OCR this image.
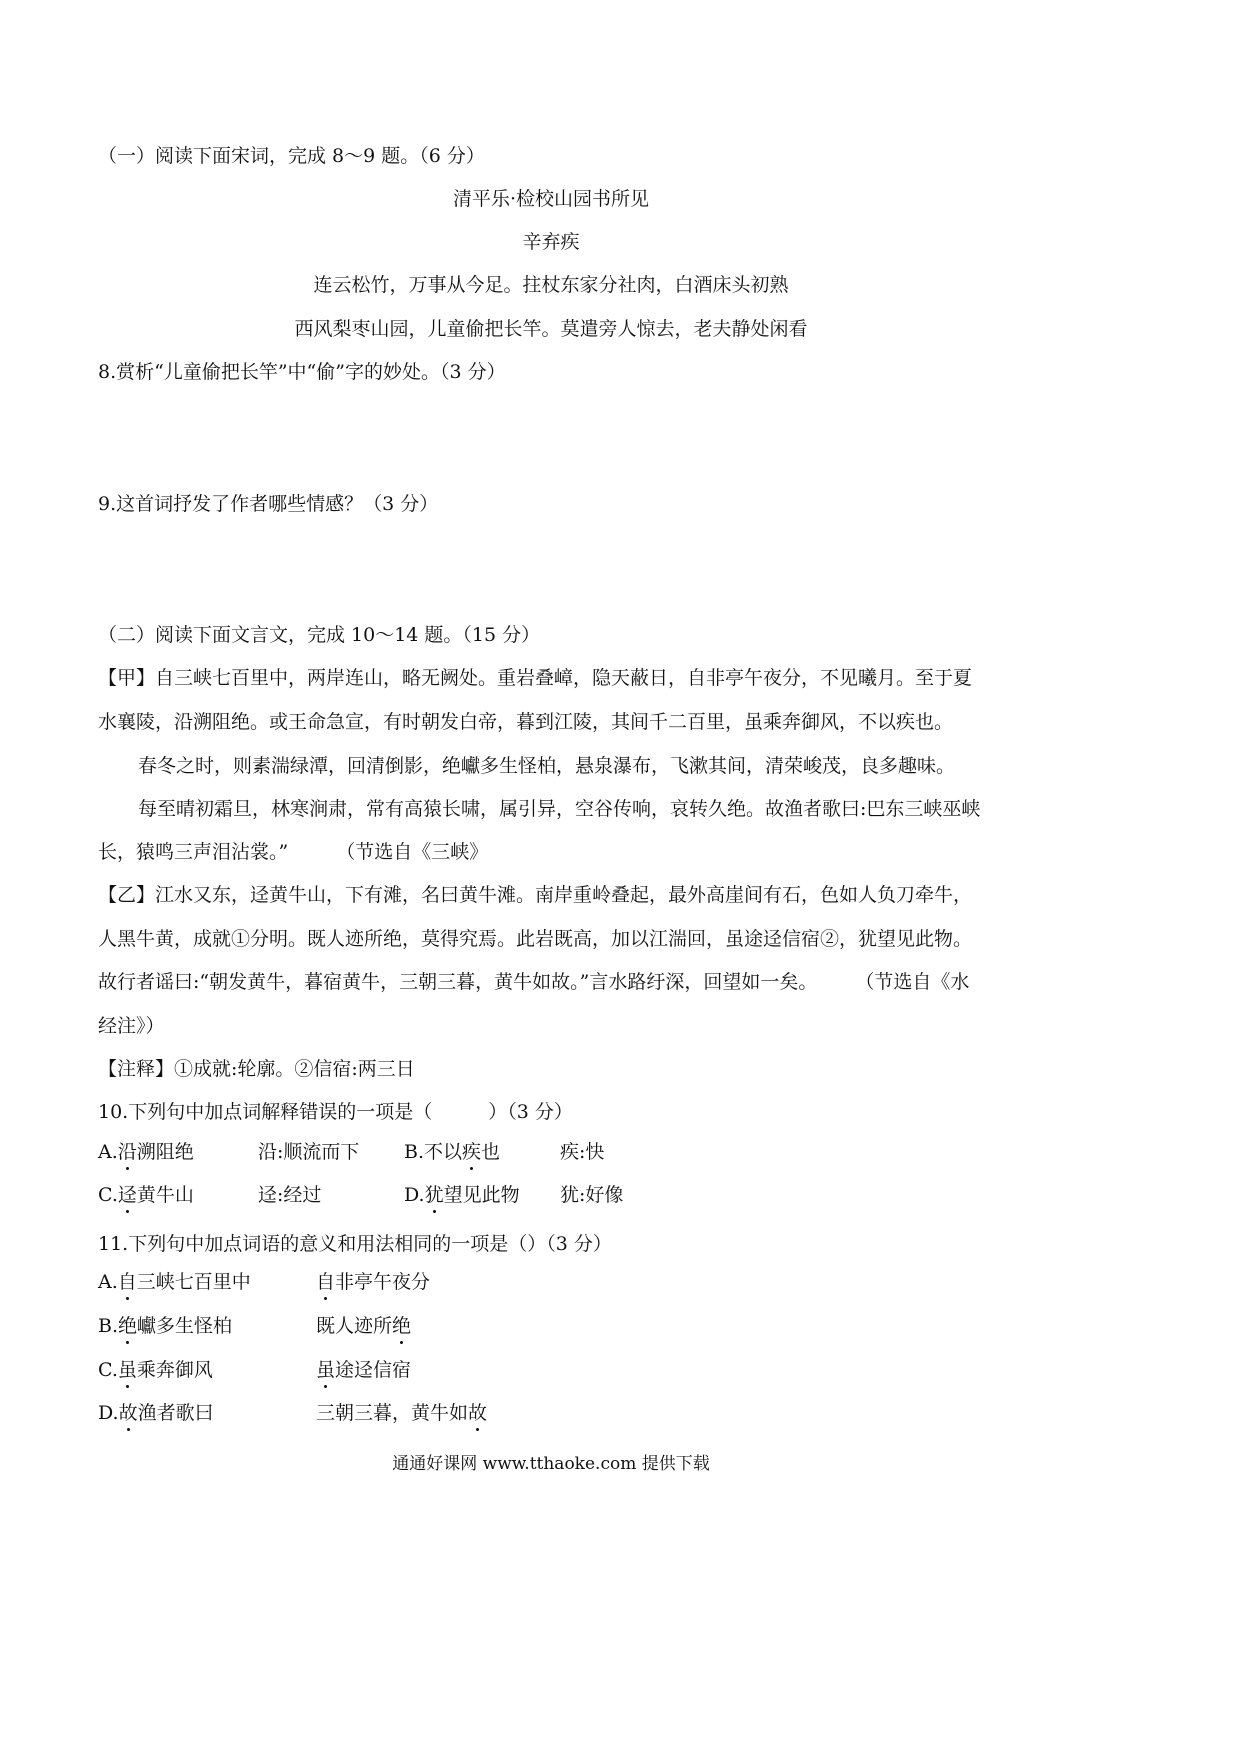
（一）阅读下面宋词，完成 8～9 题。（6 分）
清平乐·检校山园书所见
辛弃疾
连云松竹，万事从今足。拄杖东家分社肉，白酒床头初熟
西风梨枣山园，儿童偷把长竿。莫遣旁人惊去，老夫静处闲看
8.赏析“儿童偷把长竿”中“偷”字的妙处。（3 分）
9.这首词抒发了作者哪些情感？（3 分）
（二）阅读下面文言文，完成 10～14 题。（15 分）
【甲】自三峡七百里中，两岸连山，略无阙处。重岩叠嶂，隐天蔽日，自非亭午夜分，不见曦月。至于夏
水襄陵，沿溯阻绝。或王命急宣，有时朝发白帝，暮到江陵，其间千二百里，虽乘奔御风，不以疾也。
春冬之时，则素湍绿潭，回清倒影，绝巘多生怪柏，悬泉瀑布，飞漱其间，清荣峻茂，良多趣味。
每至晴初霜旦，林寒涧肃，常有高猿长啸，属引异，空谷传响，哀转久绝。故渔者歌曰:巴东三峡巫峡
长，猿鸣三声泪沾裳。”	（节选自《三峡》
【乙】江水又东，迳黄牛山，下有滩，名曰黄牛滩。南岸重岭叠起，最外高崖间有石，色如人负刀牵牛，
人黑牛黄，成就①分明。既人迹所绝，莫得究焉。此岩既高，加以江湍回，虽途迳信宿②，犹望见此物。
故行者谣曰:“朝发黄牛，暮宿黄牛，三朝三暮，黄牛如故。”言水路纡深，回望如一矣。 （节选自《水
经注》）
【注释】①成就:轮廓。②信宿:两三日
10.下列句中加点词解释错误的一项是（	）（3 分）
A.沿溯阻绝	沿:顺流而下 B.不以疾也	疾:快
C.迳黄牛山	迳:经过	D.犹望见此物 犹:好像
11.下列句中加点词语的意义和用法相同的一项是（）（3 分）
A.自三峡七百里中	自非亭午夜分
B.绝巘多生怪柏	既人迹所绝
C.虽乘奔御风	虽途迳信宿
D.故渔者歌曰	三朝三暮，黄牛如故
通通好课网 www.tthaoke.com 提供下载
